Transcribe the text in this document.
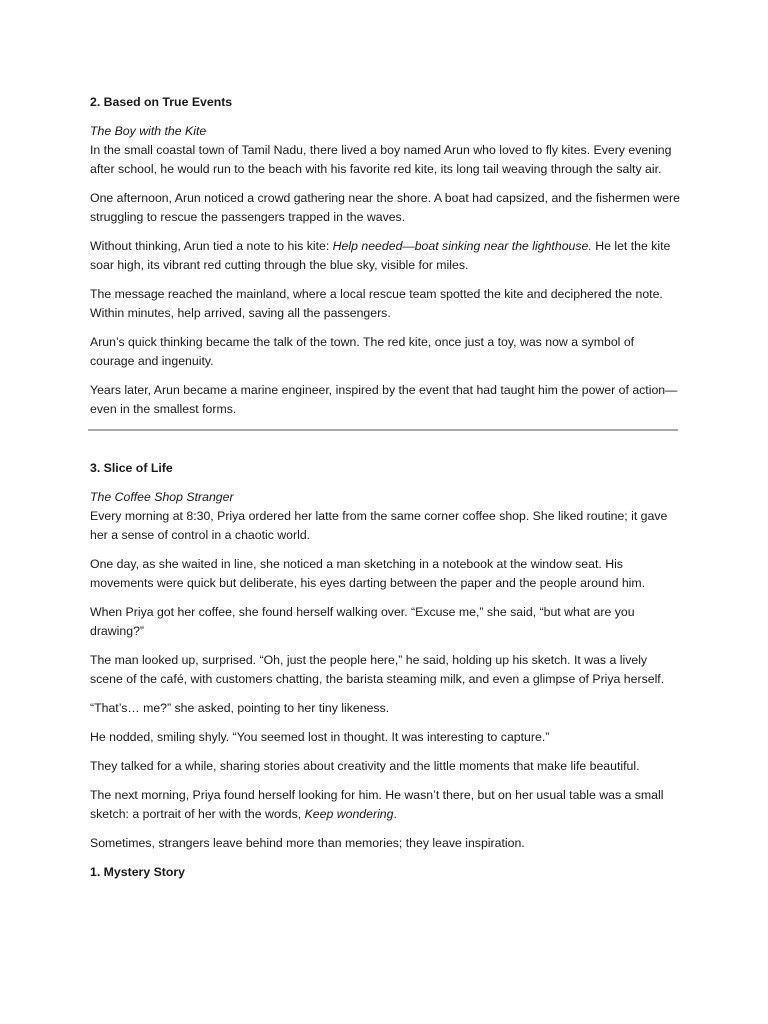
2. Based on True Events
The Boy with the Kite

In the small coastal town of Tamil Nadu, there lived a boy named Arun who loved to fly kites. Every evening after school, he would run to the beach with his favorite red kite, its long tail weaving through the salty air.

One afternoon, Arun noticed a crowd gathering near the shore. A boat had capsized, and the fishermen were struggling to rescue the passengers trapped in the waves.

Without thinking, Arun tied a note to his kite: Help needed—boat sinking near the lighthouse. He let the kite soar high, its vibrant red cutting through the blue sky, visible for miles.

The message reached the mainland, where a local rescue team spotted the kite and deciphered the note. Within minutes, help arrived, saving all the passengers.

Arun’s quick thinking became the talk of the town. The red kite, once just a toy, was now a symbol of courage and ingenuity.

Years later, Arun became a marine engineer, inspired by the event that had taught him the power of action—even in the smallest forms.

3. Slice of Life
The Coffee Shop Stranger

Every morning at 8:30, Priya ordered her latte from the same corner coffee shop. She liked routine; it gave her a sense of control in a chaotic world.

One day, as she waited in line, she noticed a man sketching in a notebook at the window seat. His movements were quick but deliberate, his eyes darting between the paper and the people around him.

When Priya got her coffee, she found herself walking over. “Excuse me,” she said, “but what are you drawing?”

The man looked up, surprised. “Oh, just the people here,” he said, holding up his sketch. It was a lively scene of the café, with customers chatting, the barista steaming milk, and even a glimpse of Priya herself.

“That’s… me?” she asked, pointing to her tiny likeness.

He nodded, smiling shyly. “You seemed lost in thought. It was interesting to capture.”

They talked for a while, sharing stories about creativity and the little moments that make life beautiful.

The next morning, Priya found herself looking for him. He wasn’t there, but on her usual table was a small sketch: a portrait of her with the words, Keep wondering.

Sometimes, strangers leave behind more than memories; they leave inspiration.

1. Mystery Story
